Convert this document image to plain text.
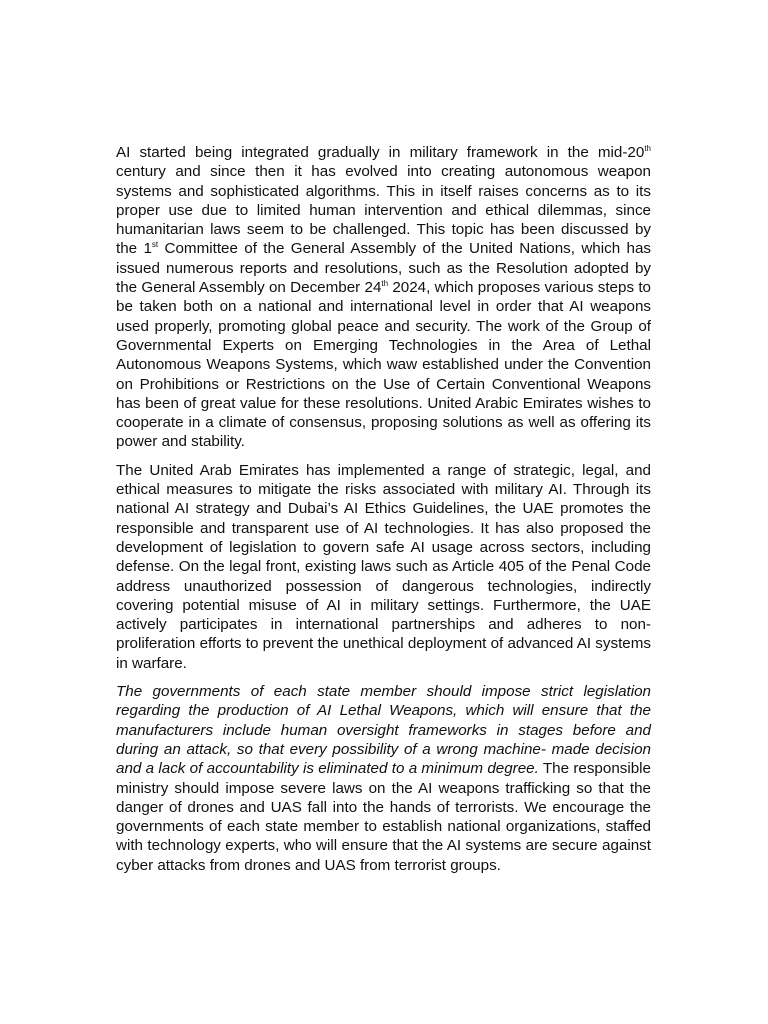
AI started being integrated gradually in military framework in the mid-20th century and since then it has evolved into creating autonomous weapon systems and sophisticated algorithms. This in itself raises concerns as to its proper use due to limited human intervention and ethical dilemmas, since humanitarian laws seem to be challenged. This topic has been discussed by the 1st Committee of the General Assembly of the United Nations, which has issued numerous reports and resolutions, such as the Resolution adopted by the General Assembly on December 24th 2024, which proposes various steps to be taken both on a national and international level in order that AI weapons used properly, promoting global peace and security. The work of the Group of Governmental Experts on Emerging Technologies in the Area of Lethal Autonomous Weapons Systems, which waw established under the Convention on Prohibitions or Restrictions on the Use of Certain Conventional Weapons has been of great value for these resolutions. United Arabic Emirates wishes to cooperate in a climate of consensus, proposing solutions as well as offering its power and stability.

The United Arab Emirates has implemented a range of strategic, legal, and ethical measures to mitigate the risks associated with military AI. Through its national AI strategy and Dubai’s AI Ethics Guidelines, the UAE promotes the responsible and transparent use of AI technologies. It has also proposed the development of legislation to govern safe AI usage across sectors, including defense. On the legal front, existing laws such as Article 405 of the Penal Code address unauthorized possession of dangerous technologies, indirectly covering potential misuse of AI in military settings. Furthermore, the UAE actively participates in international partnerships and adheres to non-proliferation efforts to prevent the unethical deployment of advanced AI systems in warfare.

The governments of each state member should impose strict legislation regarding the production of AI Lethal Weapons, which will ensure that the manufacturers include human oversight frameworks in stages before and during an attack, so that every possibility of a wrong machine- made decision and a lack of accountability is eliminated to a minimum degree. The responsible ministry should impose severe laws on the AI weapons trafficking so that the danger of drones and UAS fall into the hands of terrorists. We encourage the governments of each state member to establish national organizations, staffed with technology experts, who will ensure that the AI systems are secure against cyber attacks from drones and UAS from terrorist groups.
